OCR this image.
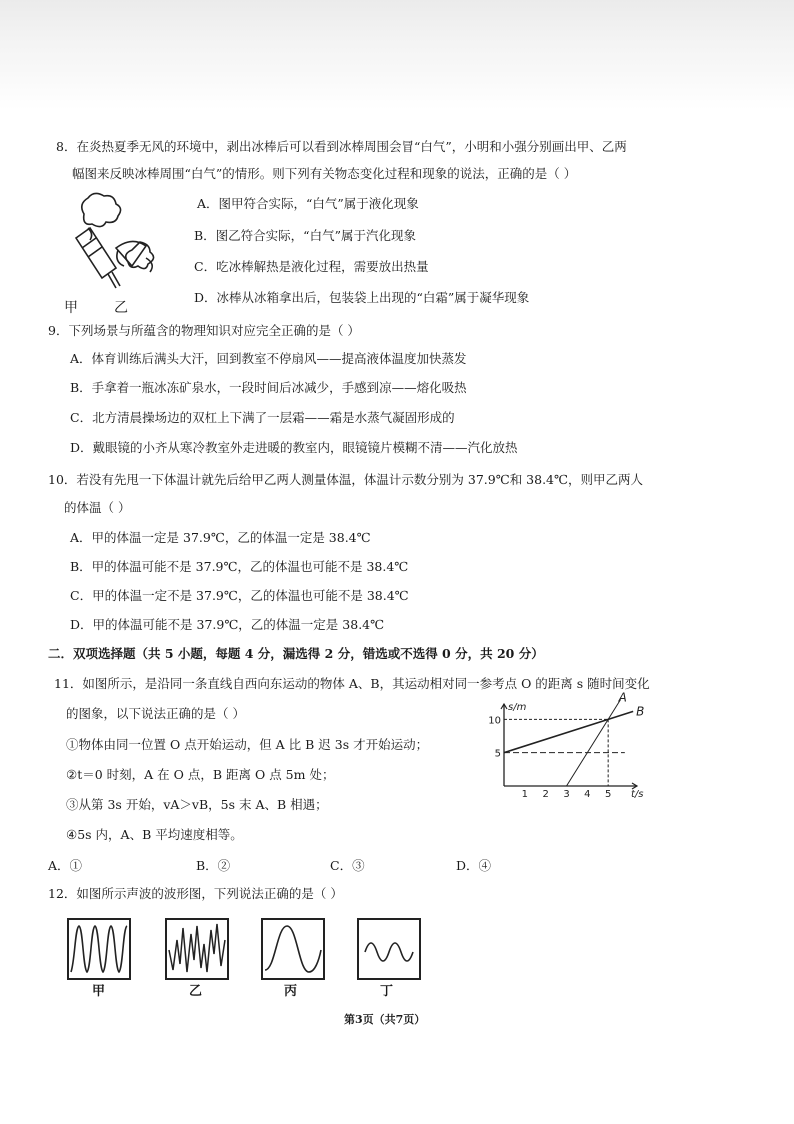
8．在炎热夏季无风的环境中，剥出冰棒后可以看到冰棒周围会冒“白气”，小明和小强分别画出甲、乙两
幅图来反映冰棒周围“白气”的情形。则下列有关物态变化过程和现象的说法，正确的是（ ）
A．图甲符合实际，“白气”属于液化现象
B．图乙符合实际，“白气”属于汽化现象
C．吃冰棒解热是液化过程，需要放出热量
D．冰棒从冰箱拿出后，包装袋上出现的“白霜”属于凝华现象
甲	乙
9．下列场景与所蕴含的物理知识对应完全正确的是（ ）
A．体育训练后满头大汗，回到教室不停扇风——提高液体温度加快蒸发
B．手拿着一瓶冰冻矿泉水，一段时间后冰减少，手感到凉——熔化吸热
C．北方清晨操场边的双杠上下满了一层霜——霜是水蒸气凝固形成的
D．戴眼镜的小齐从寒冷教室外走进暖的教室内，眼镜镜片模糊不清——汽化放热
10．若没有先甩一下体温计就先后给甲乙两人测量体温，体温计示数分别为 37.9℃和 38.4℃，则甲乙两人
的体温（ ）
A．甲的体温一定是 37.9℃，乙的体温一定是 38.4℃
B．甲的体温可能不是 37.9℃，乙的体温也可能不是 38.4℃
C．甲的体温一定不是 37.9℃，乙的体温也可能不是 38.4℃
D．甲的体温可能不是 37.9℃，乙的体温一定是 38.4℃
二．双项选择题（共 5 小题，每题 4 分，漏选得 2 分，错选或不选得 0 分，共 20 分）
11．如图所示，是沿同一条直线自西向东运动的物体 A、B，其运动相对同一参考点 O 的距离 s 随时间变化
的图象，以下说法正确的是（ ）
①物体由同一位置 O 点开始运动，但 A 比 B 迟 3s 才开始运动；
②t＝0 时刻，A 在 O 点，B 距离 O 点 5m 处；
③从第 3s 开始，vA＞vB，5s 末 A、B 相遇；
④5s 内，A、B 平均速度相等。
A．①	B．②	C．③	D．④
1 2 3 4 5
5
10
s/m
t/s
A
B
12．如图所示声波的波形图，下列说法正确的是（ ）
甲	乙	丙	丁
第3页（共7页）
